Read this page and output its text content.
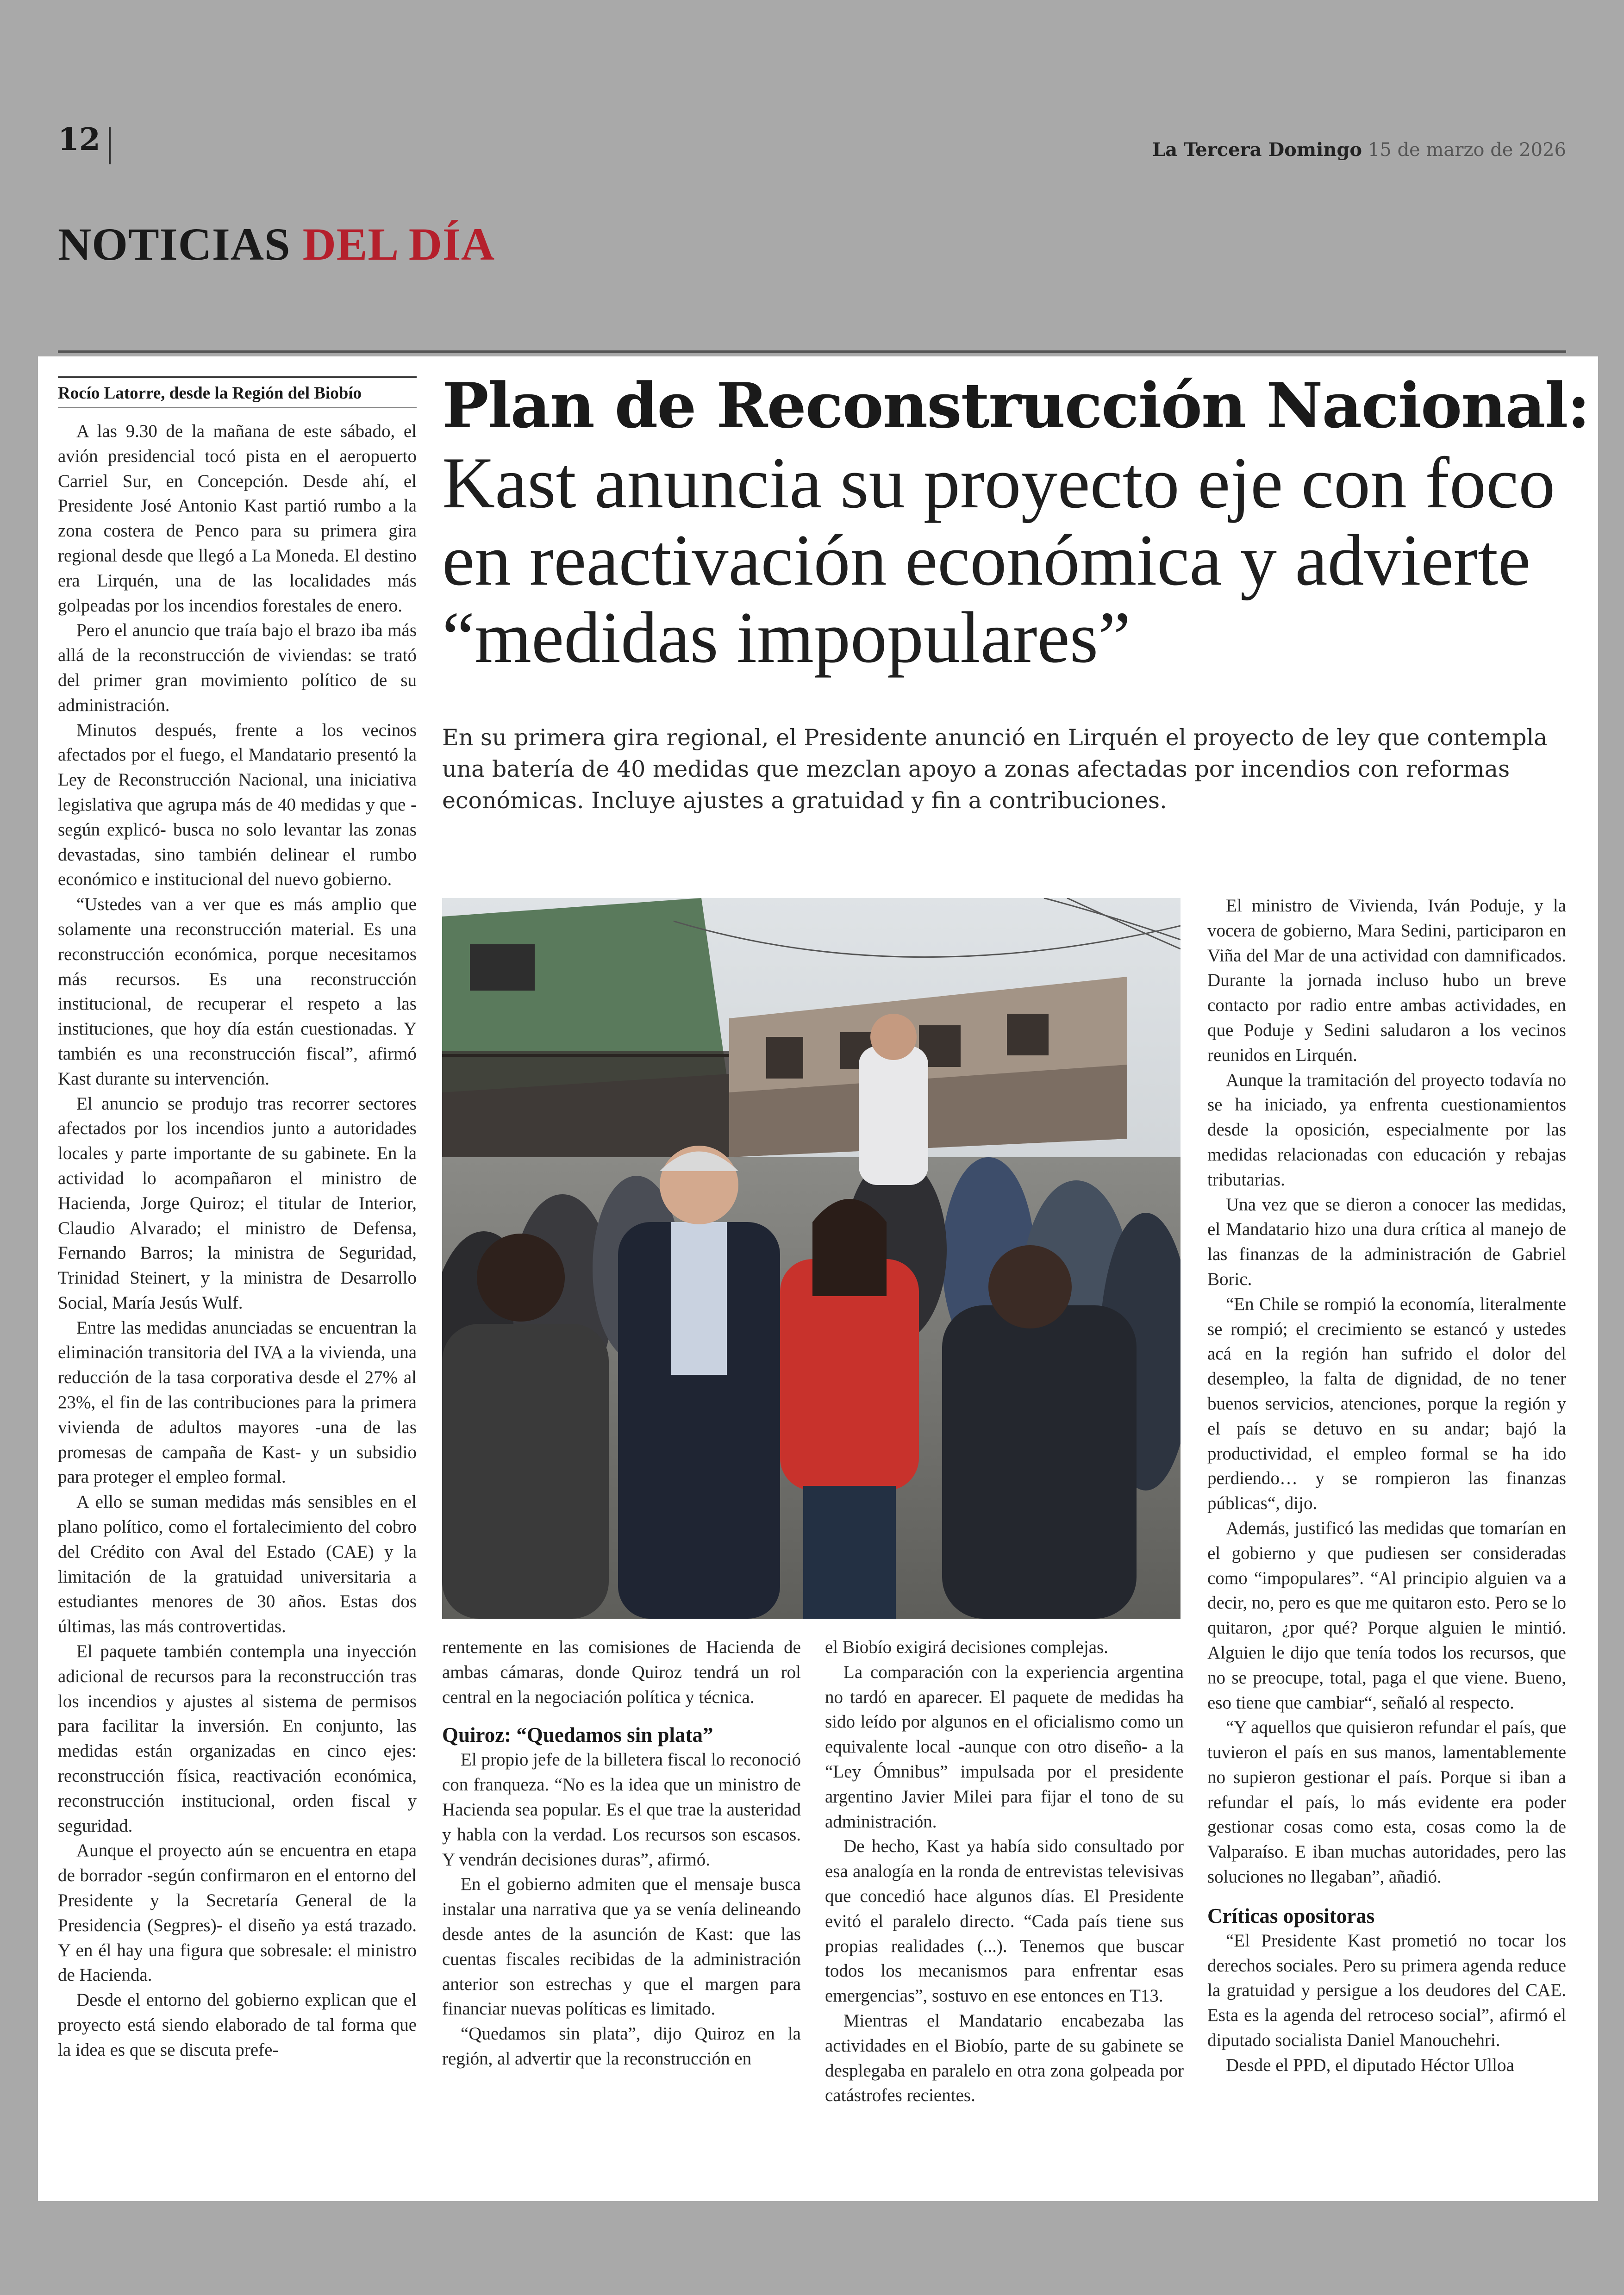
12	La Tercera Domingo 15 de marzo de 2026
NOTICIAS DEL DÍA
Rocío Latorre, desde la Región del Biobío	Plan de Reconstrucción Nacional:
Kast anuncia su proyecto eje con foco en reactivación económica y advierte “medidas impopulares”
En su primera gira regional, el Presidente anunció en Lirquén el proyecto de ley que contempla una batería de 40 medidas que mezclan apoyo a zonas afectadas por incendios con reformas económicas. Incluye ajustes a gratuidad y fin a contribuciones.

A las 9.30 de la mañana de este sábado, el avión presidencial tocó pista en el aeropuerto Carriel Sur, en Concepción. Desde ahí, el Presidente José Antonio Kast partió rumbo a la zona costera de Penco para su primera gira regional desde que llegó a La Moneda. El destino era Lirquén, una de las localidades más golpeadas por los incendios forestales de enero.

Pero el anuncio que traía bajo el brazo iba más allá de la reconstrucción de viviendas: se trató del primer gran movimiento político de su administración.

Minutos después, frente a los vecinos afectados por el fuego, el Mandatario presentó la Ley de Reconstrucción Nacional, una iniciativa legislativa que agrupa más de 40 medidas y que -según explicó- busca no solo levantar las zonas devastadas, sino también delinear el rumbo económico e institucional del nuevo gobierno.

“Ustedes van a ver que es más amplio que solamente una reconstrucción material. Es una reconstrucción económica, porque necesitamos más recursos. Es una reconstrucción institucional, de recuperar el respeto a las instituciones, que hoy día están cuestionadas. Y también es una reconstrucción fiscal”, afirmó Kast durante su intervención.

El anuncio se produjo tras recorrer sectores afectados por los incendios junto a autoridades locales y parte importante de su gabinete. En la actividad lo acompañaron el ministro de Hacienda, Jorge Quiroz; el titular de Interior, Claudio Alvarado; el ministro de Defensa, Fernando Barros; la ministra de Seguridad, Trinidad Steinert, y la ministra de Desarrollo Social, María Jesús Wulf.

Entre las medidas anunciadas se encuentran la eliminación transitoria del IVA a la vivienda, una reducción de la tasa corporativa desde el 27% al 23%, el fin de las contribuciones para la primera vivienda de adultos mayores -una de las promesas de campaña de Kast- y un subsidio para proteger el empleo formal.

A ello se suman medidas más sensibles en el plano político, como el fortalecimiento del cobro del Crédito con Aval del Estado (CAE) y la limitación de la gratuidad universitaria a estudiantes menores de 30 años. Estas dos últimas, las más controvertidas.

El paquete también contempla una inyección adicional de recursos para la reconstrucción tras los incendios y ajustes al sistema de permisos para facilitar la inversión. En conjunto, las medidas están organizadas en cinco ejes: reconstrucción física, reactivación económica, reconstrucción institucional, orden fiscal y seguridad.

Aunque el proyecto aún se encuentra en etapa de borrador -según confirmaron en el entorno del Presidente y la Secretaría General de la Presidencia (Segpres)- el diseño ya está trazado. Y en él hay una figura que sobresale: el ministro de Hacienda.

Desde el entorno del gobierno explican que el proyecto está siendo elaborado de tal forma que la idea es que se discuta prefe-

rentemente en las comisiones de Hacienda de ambas cámaras, donde Quiroz tendrá un rol central en la negociación política y técnica.

Quiroz: “Quedamos sin plata”

El propio jefe de la billetera fiscal lo reconoció con franqueza. “No es la idea que un ministro de Hacienda sea popular. Es el que trae la austeridad y habla con la verdad. Los recursos son escasos. Y vendrán decisiones duras”, afirmó.

En el gobierno admiten que el mensaje busca instalar una narrativa que ya se venía delineando desde antes de la asunción de Kast: que las cuentas fiscales recibidas de la administración anterior son estrechas y que el margen para financiar nuevas políticas es limitado.

“Quedamos sin plata”, dijo Quiroz en la región, al advertir que la reconstrucción en

el Biobío exigirá decisiones complejas.

La comparación con la experiencia argentina no tardó en aparecer. El paquete de medidas ha sido leído por algunos en el oficialismo como un equivalente local -aunque con otro diseño- a la “Ley Ómnibus” impulsada por el presidente argentino Javier Milei para fijar el tono de su administración.

De hecho, Kast ya había sido consultado por esa analogía en la ronda de entrevistas televisivas que concedió hace algunos días. El Presidente evitó el paralelo directo. “Cada país tiene sus propias realidades (...). Tenemos que buscar todos los mecanismos para enfrentar esas emergencias”, sostuvo en ese entonces en T13.

Mientras el Mandatario encabezaba las actividades en el Biobío, parte de su gabinete se desplegaba en paralelo en otra zona golpeada por catástrofes recientes.

El ministro de Vivienda, Iván Poduje, y la vocera de gobierno, Mara Sedini, participaron en Viña del Mar de una actividad con damnificados. Durante la jornada incluso hubo un breve contacto por radio entre ambas actividades, en que Poduje y Sedini saludaron a los vecinos reunidos en Lirquén.

Aunque la tramitación del proyecto todavía no se ha iniciado, ya enfrenta cuestionamientos desde la oposición, especialmente por las medidas relacionadas con educación y rebajas tributarias.

Una vez que se dieron a conocer las medidas, el Mandatario hizo una dura crítica al manejo de las finanzas de la administración de Gabriel Boric.

“En Chile se rompió la economía, literalmente se rompió; el crecimiento se estancó y ustedes acá en la región han sufrido el dolor del desempleo, la falta de dignidad, de no tener buenos servicios, atenciones, porque la región y el país se detuvo en su andar; bajó la productividad, el empleo formal se ha ido perdiendo… y se rompieron las finanzas públicas“, dijo.

Además, justificó las medidas que tomarían en el gobierno y que pudiesen ser consideradas como “impopulares”. “Al principio alguien va a decir, no, pero es que me quitaron esto. Pero se lo quitaron, ¿por qué? Porque alguien le mintió. Alguien le dijo que tenía todos los recursos, que no se preocupe, total, paga el que viene. Bueno, eso tiene que cambiar“, señaló al respecto.

“Y aquellos que quisieron refundar el país, que tuvieron el país en sus manos, lamentablemente no supieron gestionar el país. Porque si iban a refundar el país, lo más evidente era poder gestionar cosas como esta, cosas como la de Valparaíso. E iban muchas autoridades, pero las soluciones no llegaban”, añadió.

Críticas opositoras

“El Presidente Kast prometió no tocar los derechos sociales. Pero su primera agenda reduce la gratuidad y persigue a los deudores del CAE. Esta es la agenda del retroceso social”, afirmó el diputado socialista Daniel Manouchehri.

Desde el PPD, el diputado Héctor Ulloa
